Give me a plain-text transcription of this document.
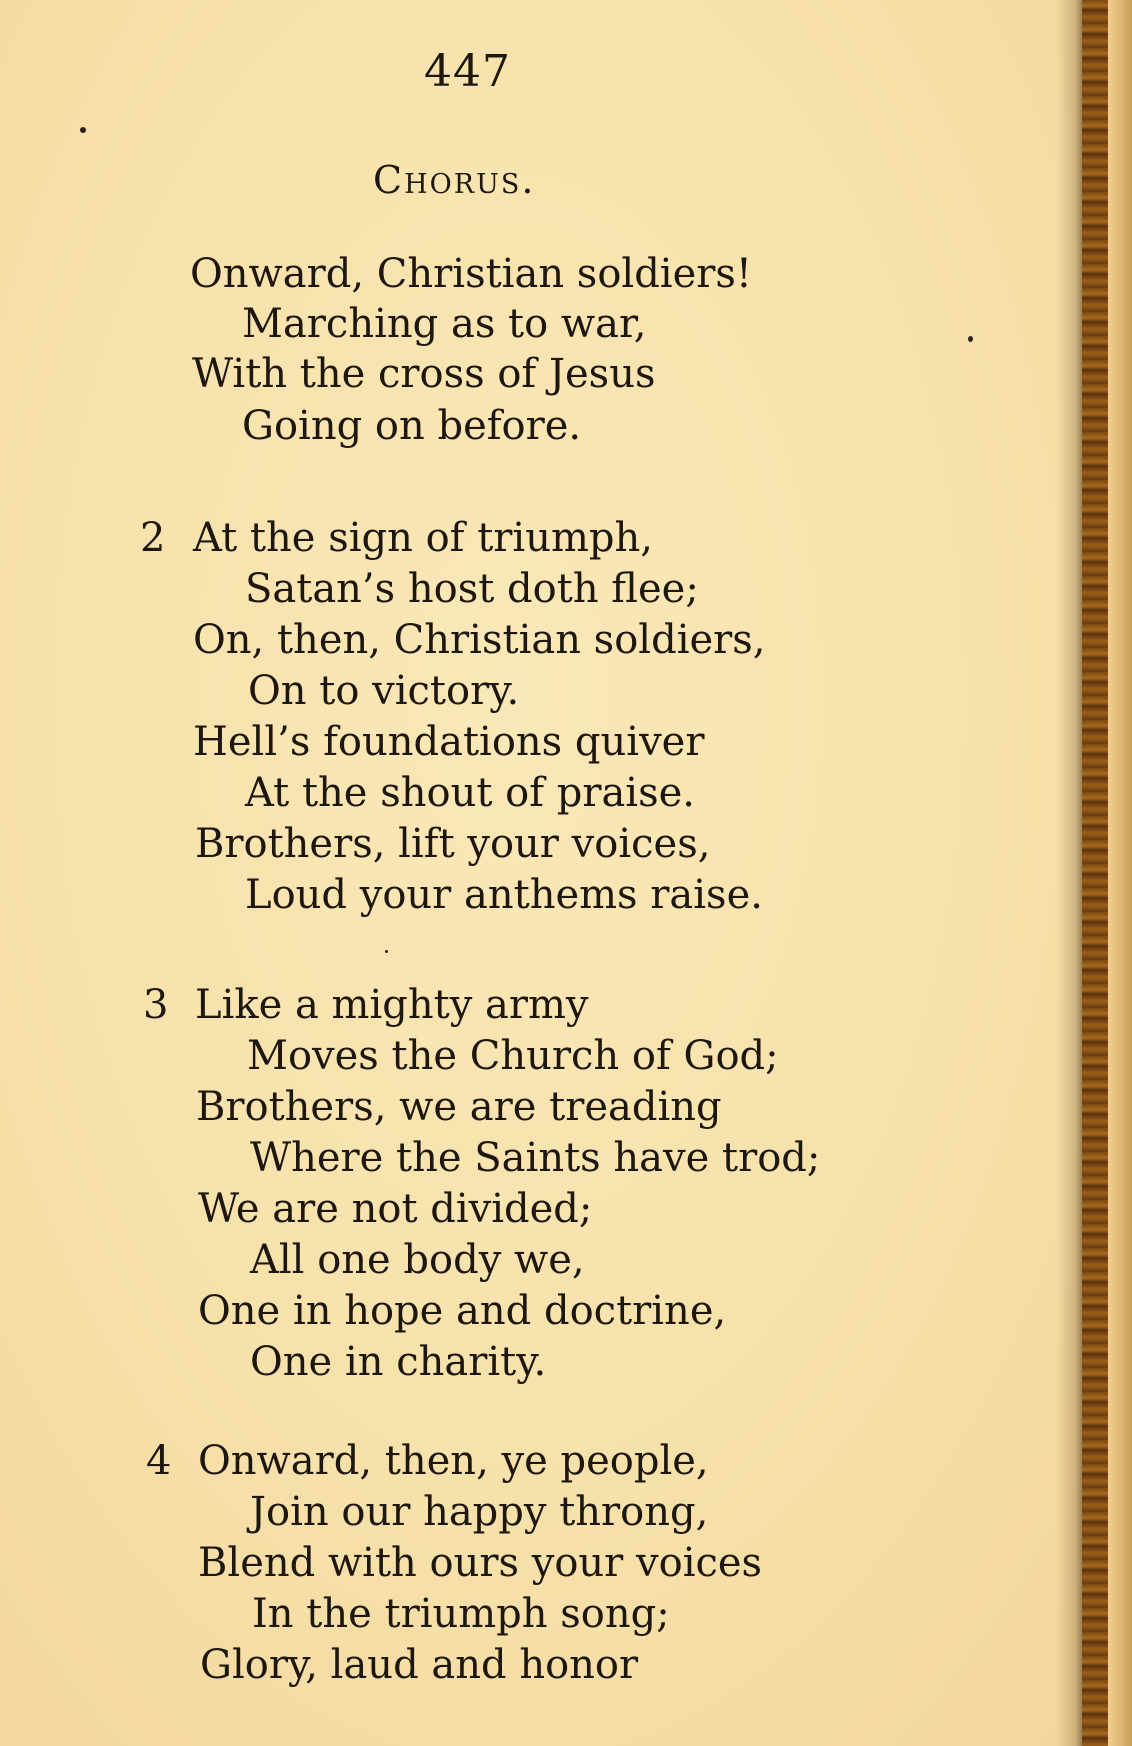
447
Chorus.
Onward, Christian soldiers!
Marching as to war,
With the cross of Jesus
Going on before.
2 At the sign of triumph,
Satan’s host doth flee;
On, then, Christian soldiers,
On to victory.
Hell’s foundations quiver
At the shout of praise.
Brothers, lift your voices,
Loud your anthems raise.
3 Like a mighty army
Moves the Church of God;
Brothers, we are treading
Where the Saints have trod;
We are not divided;
All one body we,
One in hope and doctrine,
One in charity.
4 Onward, then, ye people,
Join our happy throng,
Blend with ours your voices
In the triumph song;
Glory, laud and honor
